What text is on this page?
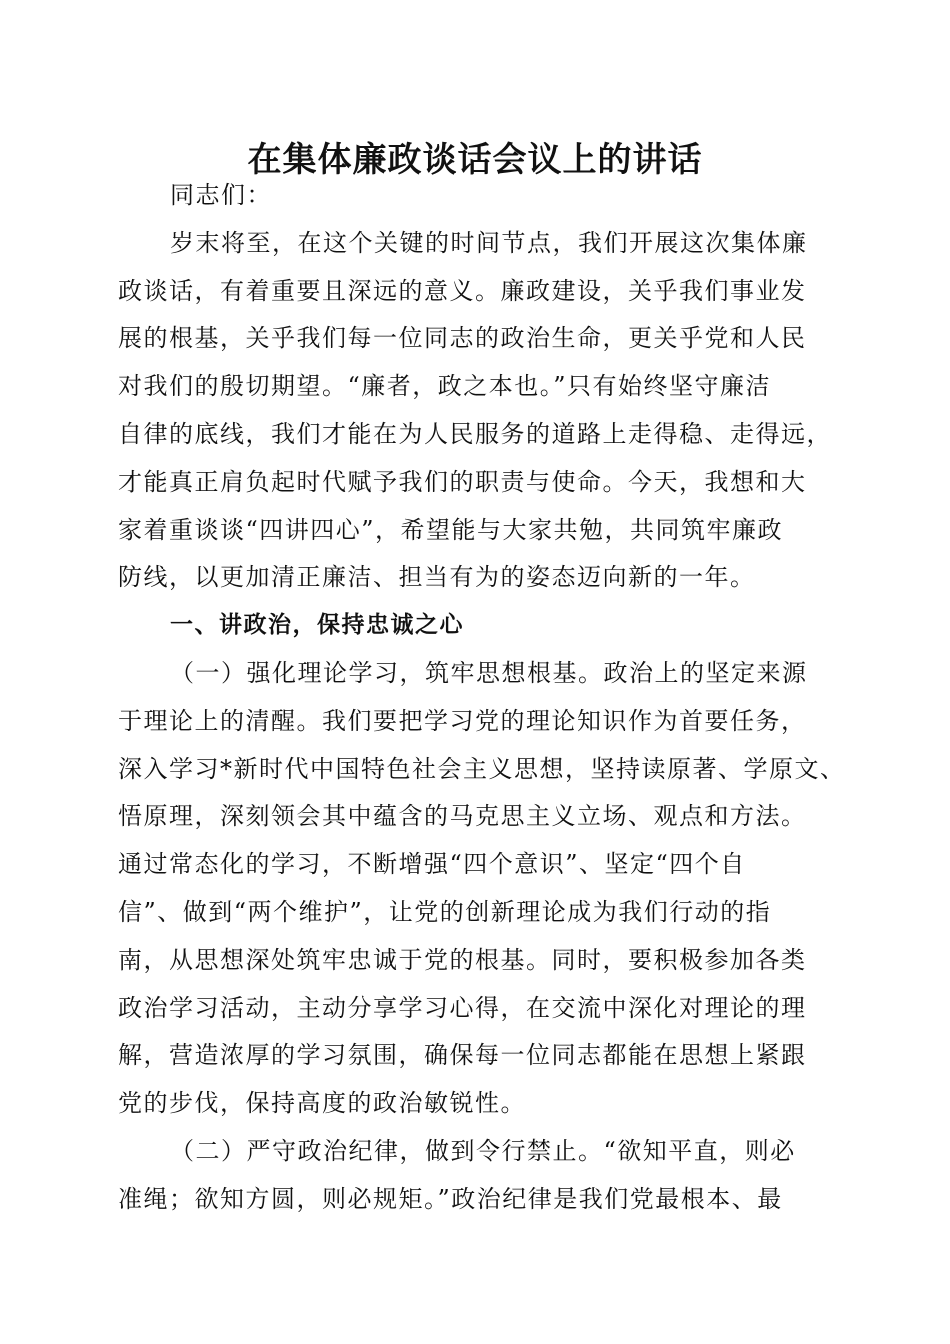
在集体廉政谈话会议上的讲话
同志们：
岁末将至，在这个关键的时间节点，我们开展这次集体廉
政谈话，有着重要且深远的意义。廉政建设，关乎我们事业发
展的根基，关乎我们每一位同志的政治生命，更关乎党和人民
对我们的殷切期望。“廉者，政之本也。”只有始终坚守廉洁
自律的底线，我们才能在为人民服务的道路上走得稳、走得远，
才能真正肩负起时代赋予我们的职责与使命。今天，我想和大
家着重谈谈“四讲四心”，希望能与大家共勉，共同筑牢廉政
防线，以更加清正廉洁、担当有为的姿态迈向新的一年。
一、讲政治，保持忠诚之心
（一）强化理论学习，筑牢思想根基。政治上的坚定来源
于理论上的清醒。我们要把学习党的理论知识作为首要任务，
深入学习*新时代中国特色社会主义思想，坚持读原著、学原文、
悟原理，深刻领会其中蕴含的马克思主义立场、观点和方法。
通过常态化的学习，不断增强“四个意识”、坚定“四个自
信”、做到“两个维护”，让党的创新理论成为我们行动的指
南，从思想深处筑牢忠诚于党的根基。同时，要积极参加各类
政治学习活动，主动分享学习心得，在交流中深化对理论的理
解，营造浓厚的学习氛围，确保每一位同志都能在思想上紧跟
党的步伐，保持高度的政治敏锐性。
（二）严守政治纪律，做到令行禁止。“欲知平直，则必
准绳；欲知方圆，则必规矩。”政治纪律是我们党最根本、最
